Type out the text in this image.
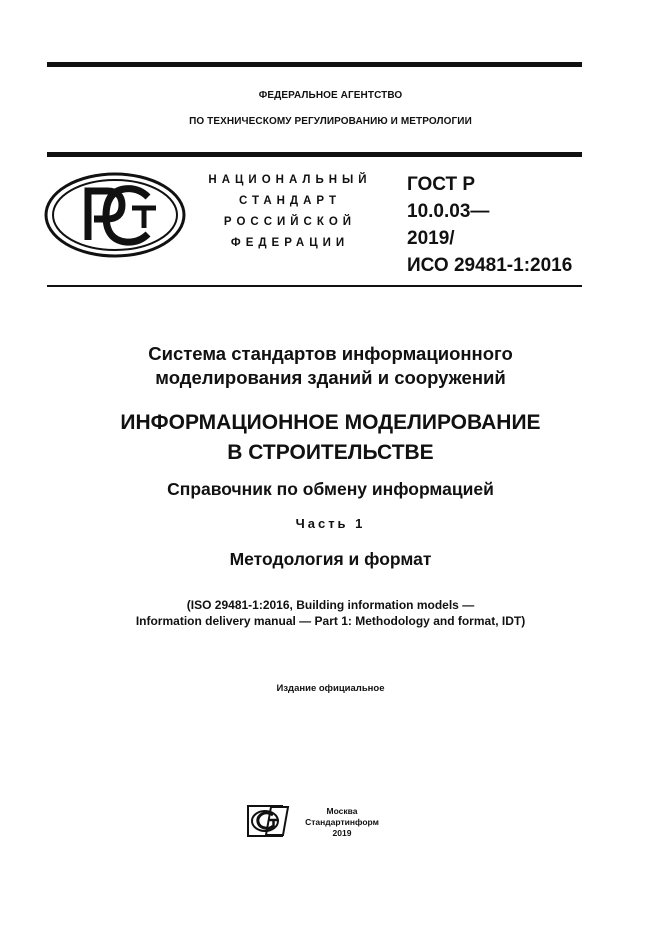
ФЕДЕРАЛЬНОЕ АГЕНТСТВО
ПО ТЕХНИЧЕСКОМУ РЕГУЛИРОВАНИЮ И МЕТРОЛОГИИ
НАЦИОНАЛЬНЫЙ
СТАНДАРТ
РОССИЙСКОЙ
ФЕДЕРАЦИИ
ГОСТ Р
10.0.03—
2019/
ИСО 29481-1:2016
Система стандартов информационного
моделирования зданий и сооружений
ИНФОРМАЦИОННОЕ МОДЕЛИРОВАНИЕ
В СТРОИТЕЛЬСТВЕ
Справочник по обмену информацией
Часть 1
Методология и формат
(ISO 29481-1:2016, Building information models —
Information delivery manual — Part 1: Methodology and format, IDT)
Издание официальное
Москва
Стандартинформ
2019
